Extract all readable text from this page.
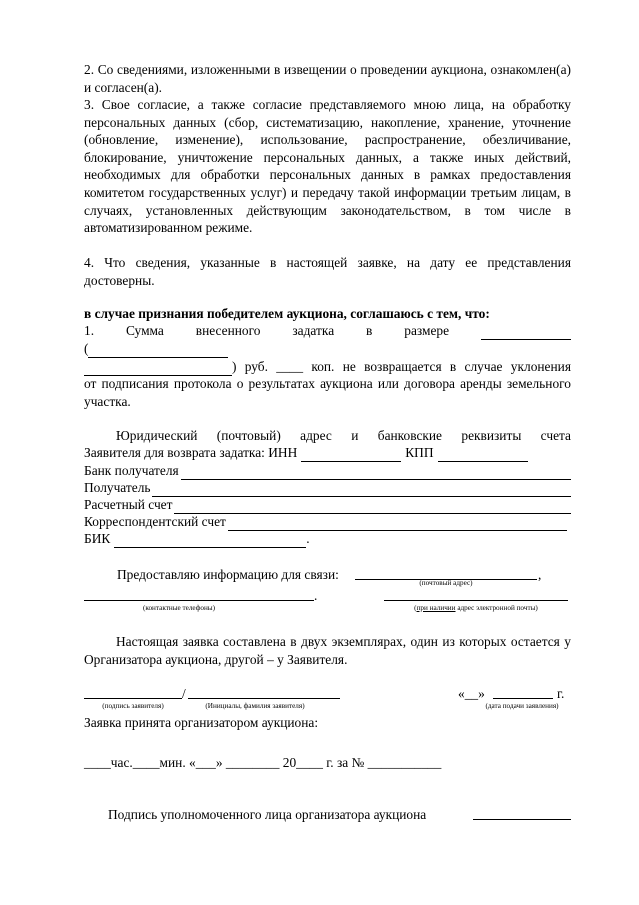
2. Со сведениями, изложенными в извещении о проведении аукциона, ознакомлен(а) и согласен(а).
3. Свое согласие, а также согласие представляемого мною лица, на обработку персональных данных (сбор, систематизацию, накопление, хранение, уточнение (обновление, изменение), использование, распространение, обезличивание, блокирование, уничтожение персональных данных, а также иных действий, необходимых для обработки персональных данных в рамках предоставления комитетом государственных услуг) и передачу такой информации третьим лицам, в случаях, установленных действующим законодательством, в том числе в автоматизированном режиме.
4. Что сведения, указанные в настоящей заявке, на дату ее представления достоверны.
в случае признания победителем аукциона, соглашаюсь с тем, что:
1. Сумма внесенного задатка в размере
(
) руб. ____ коп. не возвращается в случае уклонения
от подписания протокола о результатах аукциона или договора аренды земельного участка.
Юридический (почтовый) адрес и банковские реквизиты счета
Заявителя для возврата задатка: ИНН	КПП
Банк получателя
Получатель
Расчетный счет
Корреспондентский счет
БИК	.
Предоставляю информацию для связи:	,
(почтовый адрес)
.
(контактные телефоны)	(при наличии адрес электронной почты)
Настоящая заявка составлена в двух экземплярах, один из которых остается у Организатора аукциона, другой – у Заявителя.
/	«__»	г.
(подпись заявителя)	(Инициалы, фамилия заявителя)	(дата подачи заявления)
Заявка принята организатором аукциона:
____час.____мин. «___» ________ 20____ г. за № ___________
Подпись уполномоченного лица организатора аукциона
